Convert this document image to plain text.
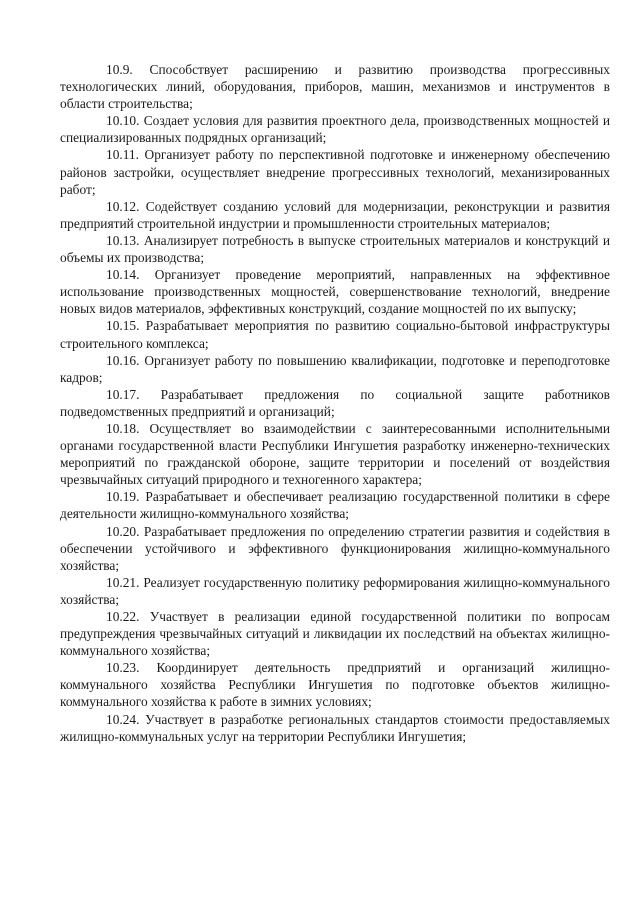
10.9. Способствует расширению и развитию производства прогрессивных технологических линий, оборудования, приборов, машин, механизмов и инструментов в области строительства;

10.10. Создает условия для развития проектного дела, производственных мощностей и специализированных подрядных организаций;

10.11. Организует работу по перспективной подготовке и инженерному обеспечению районов застройки, осуществляет внедрение прогрессивных технологий, механизированных работ;

10.12. Содействует созданию условий для модернизации, реконструкции и развития предприятий строительной индустрии и промышленности строительных материалов;

10.13. Анализирует потребность в выпуске строительных материалов и конструкций и объемы их производства;

10.14. Организует проведение мероприятий, направленных на эффективное использование производственных мощностей, совершенствование технологий, внедрение новых видов материалов, эффективных конструкций, создание мощностей по их выпуску;

10.15. Разрабатывает мероприятия по развитию социально-бытовой инфраструктуры строительного комплекса;

10.16. Организует работу по повышению квалификации, подготовке и переподготовке кадров;

10.17. Разрабатывает предложения по социальной защите работников подведомственных предприятий и организаций;

10.18. Осуществляет во взаимодействии с заинтересованными исполнительными органами государственной власти Республики Ингушетия разработку инженерно-технических мероприятий по гражданской обороне, защите территории и поселений от воздействия чрезвычайных ситуаций природного и техногенного характера;

10.19. Разрабатывает и обеспечивает реализацию государственной политики в сфере деятельности жилищно-коммунального хозяйства;

10.20. Разрабатывает предложения по определению стратегии развития и содействия в обеспечении устойчивого и эффективного функционирования жилищно-коммунального хозяйства;

10.21. Реализует государственную политику реформирования жилищно-коммунального хозяйства;

10.22. Участвует в реализации единой государственной политики по вопросам предупреждения чрезвычайных ситуаций и ликвидации их последствий на объектах жилищно-коммунального хозяйства;

10.23. Координирует деятельность предприятий и организаций жилищно-коммунального хозяйства Республики Ингушетия по подготовке объектов жилищно-коммунального хозяйства к работе в зимних условиях;

10.24. Участвует в разработке региональных стандартов стоимости предоставляемых жилищно-коммунальных услуг на территории Республики Ингушетия;
